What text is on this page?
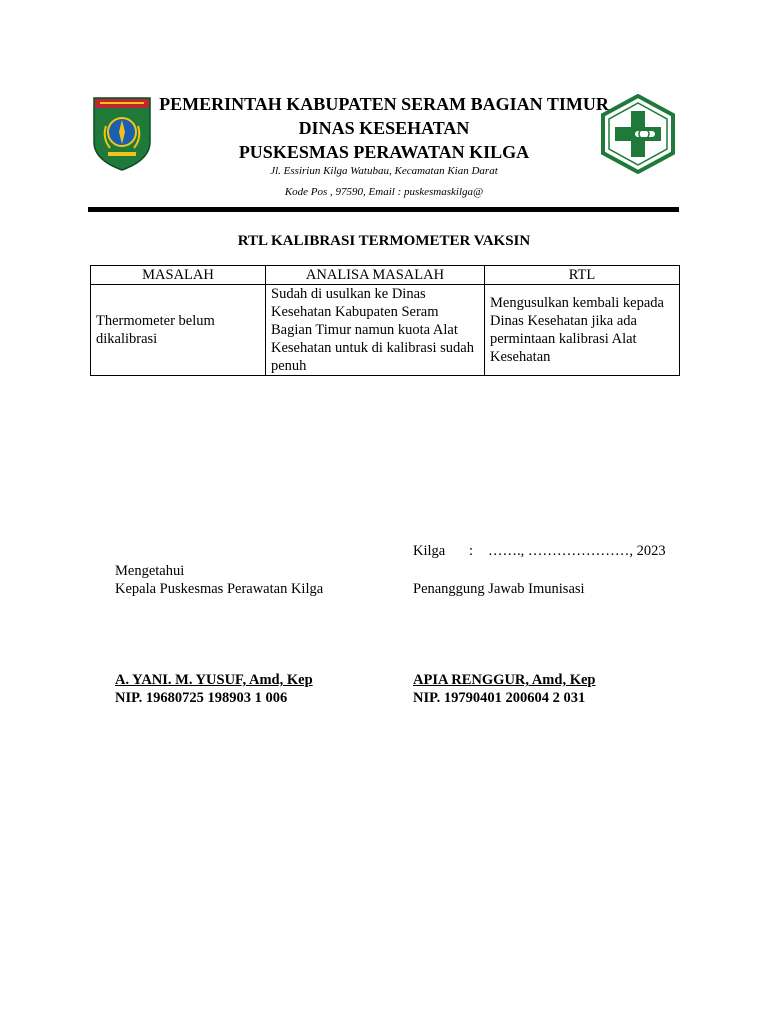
PEMERINTAH KABUPATEN SERAM BAGIAN TIMUR
DINAS KESEHATAN
PUSKESMAS PERAWATAN KILGA
Jl. Essiriun Kilga Watubau, Kecamatan Kian Darat
Kode Pos , 97590, Email : puskesmaskilga@
RTL KALIBRASI TERMOMETER VAKSIN
MASALAH	ANALISA MASALAH	RTL
Thermometer belum dikalibrasi	Sudah di usulkan ke Dinas Kesehatan Kabupaten Seram Bagian Timur namun kuota Alat Kesehatan untuk di kalibrasi sudah penuh	Mengusulkan kembali kepada Dinas Kesehatan jika ada permintaan kalibrasi Alat Kesehatan
Kilga : ……., …………………, 2023
Mengetahui
Kepala Puskesmas Perawatan Kilga	Penanggung Jawab Imunisasi
A. YANI. M. YUSUF, Amd, Kep
NIP. 19680725 198903 1 006
APIA RENGGUR, Amd, Kep
NIP. 19790401 200604 2 031
